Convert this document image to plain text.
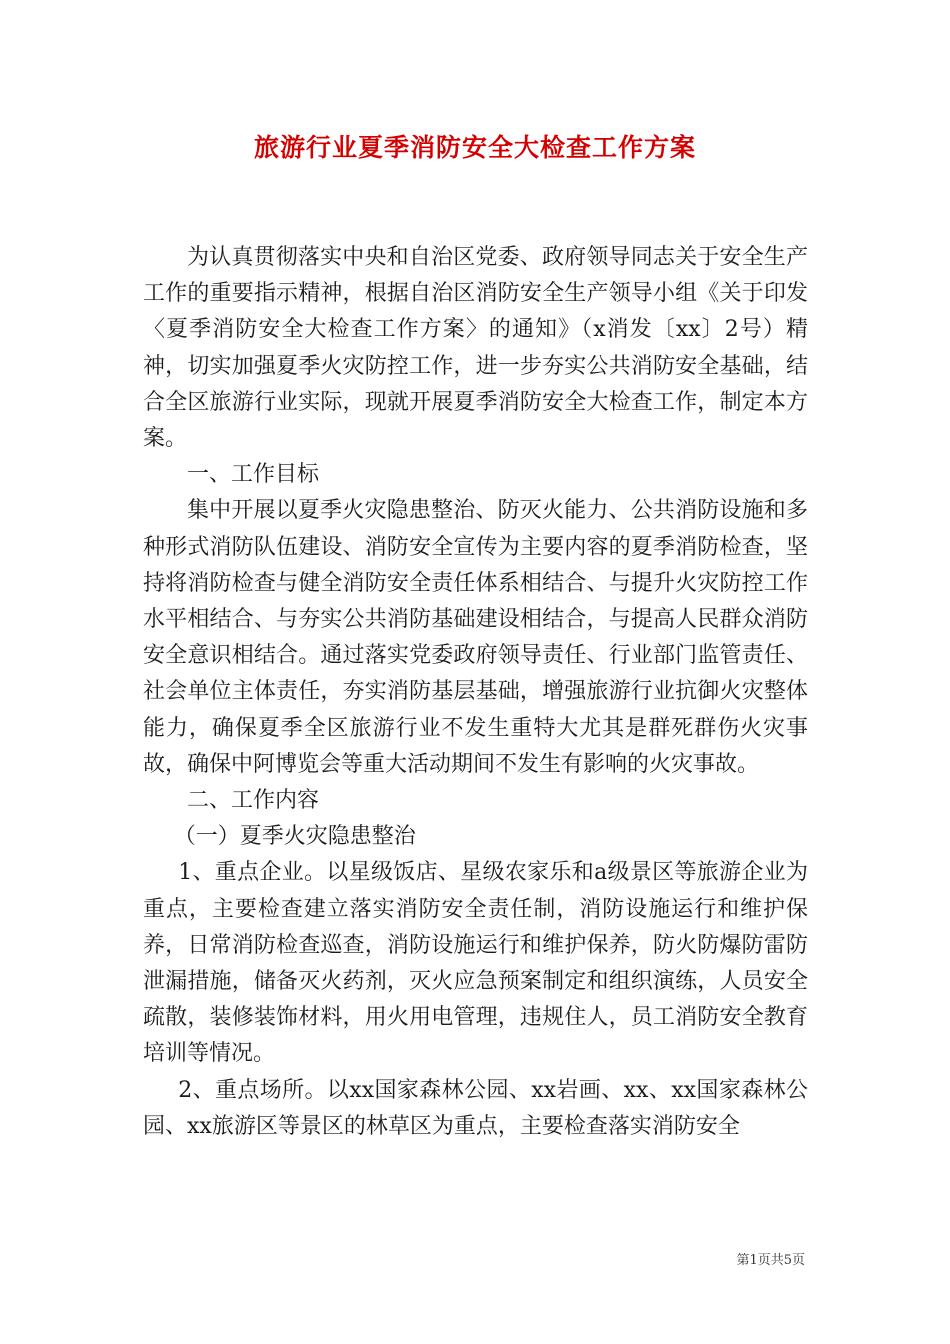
旅游行业夏季消防安全大检查工作方案

为认真贯彻落实中央和自治区党委、政府领导同志关于安全生产工作的重要指示精神，根据自治区消防安全生产领导小组《关于印发〈夏季消防安全大检查工作方案〉的通知》（x消发〔xx〕2号）精神，切实加强夏季火灾防控工作，进一步夯实公共消防安全基础，结合全区旅游行业实际，现就开展夏季消防安全大检查工作，制定本方案。

一、工作目标

集中开展以夏季火灾隐患整治、防灭火能力、公共消防设施和多种形式消防队伍建设、消防安全宣传为主要内容的夏季消防检查，坚持将消防检查与健全消防安全责任体系相结合、与提升火灾防控工作水平相结合、与夯实公共消防基础建设相结合，与提高人民群众消防安全意识相结合。通过落实党委政府领导责任、行业部门监管责任、社会单位主体责任，夯实消防基层基础，增强旅游行业抗御火灾整体能力，确保夏季全区旅游行业不发生重特大尤其是群死群伤火灾事故，确保中阿博览会等重大活动期间不发生有影响的火灾事故。

二、工作内容

（一）夏季火灾隐患整治

1、重点企业。以星级饭店、星级农家乐和a级景区等旅游企业为重点，主要检查建立落实消防安全责任制，消防设施运行和维护保养，日常消防检查巡查，消防设施运行和维护保养，防火防爆防雷防泄漏措施，储备灭火药剂，灭火应急预案制定和组织演练，人员安全疏散，装修装饰材料，用火用电管理，违规住人，员工消防安全教育培训等情况。

2、重点场所。以xx国家森林公园、xx岩画、xx、xx国家森林公园、xx旅游区等景区的林草区为重点，主要检查落实消防安全

第1页共5页
